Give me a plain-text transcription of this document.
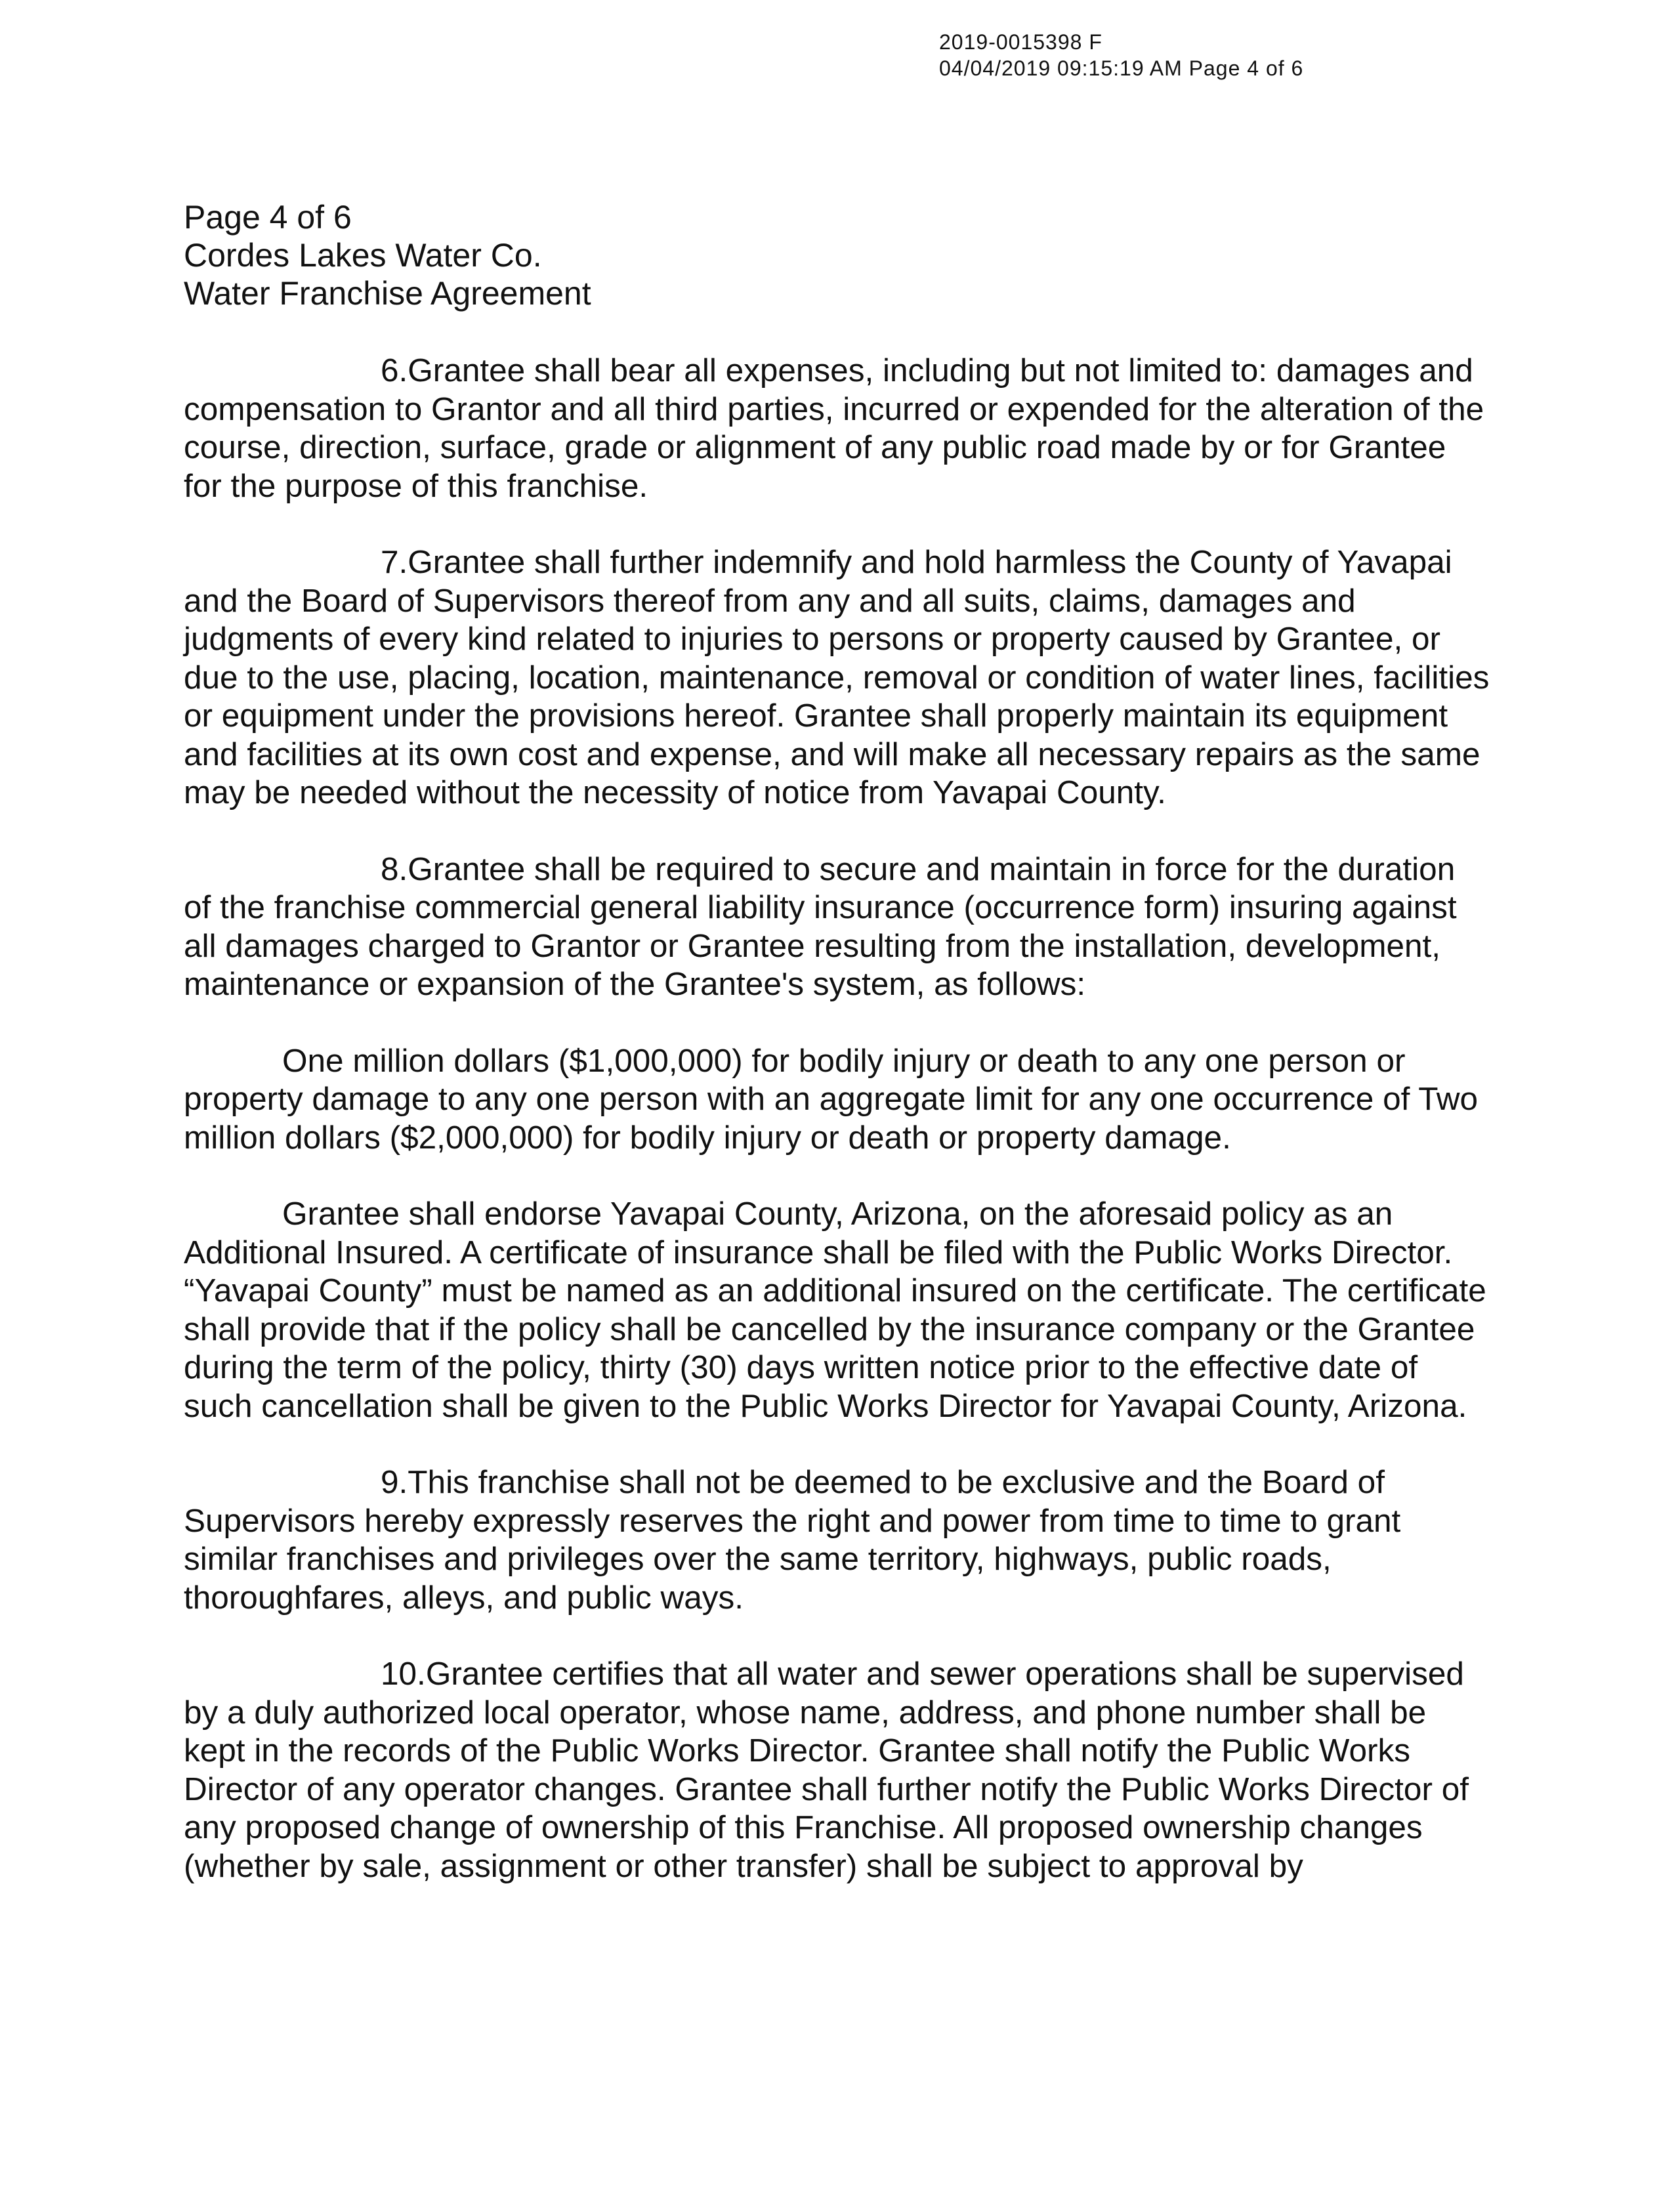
2019-0015398 F
04/04/2019 09:15:19 AM Page 4 of 6
Page 4 of 6
Cordes Lakes Water Co.
Water Franchise Agreement

6.Grantee shall bear all expenses, including but not limited to: damages and compensation to Grantor and all third parties, incurred or expended for the alteration of the course, direction, surface, grade or alignment of any public road made by or for Grantee for the purpose of this franchise.

7.Grantee shall further indemnify and hold harmless the County of Yavapai and the Board of Supervisors thereof from any and all suits, claims, damages and judgments of every kind related to injuries to persons or property caused by Grantee, or due to the use, placing, location, maintenance, removal or condition of water lines, facilities or equipment under the provisions hereof. Grantee shall properly maintain its equipment and facilities at its own cost and expense, and will make all necessary repairs as the same may be needed without the necessity of notice from Yavapai County.

8.Grantee shall be required to secure and maintain in force for the duration of the franchise commercial general liability insurance (occurrence form) insuring against all damages charged to Grantor or Grantee resulting from the installation, development, maintenance or expansion of the Grantee's system, as follows:

One million dollars ($1,000,000) for bodily injury or death to any one person or property damage to any one person with an aggregate limit for any one occurrence of Two million dollars ($2,000,000) for bodily injury or death or property damage.

Grantee shall endorse Yavapai County, Arizona, on the aforesaid policy as an Additional Insured. A certificate of insurance shall be filed with the Public Works Director. “Yavapai County” must be named as an additional insured on the certificate. The certificate shall provide that if the policy shall be cancelled by the insurance company or the Grantee during the term of the policy, thirty (30) days written notice prior to the effective date of such cancellation shall be given to the Public Works Director for Yavapai County, Arizona.

9.This franchise shall not be deemed to be exclusive and the Board of Supervisors hereby expressly reserves the right and power from time to time to grant similar franchises and privileges over the same territory, highways, public roads, thoroughfares, alleys, and public ways.

10.Grantee certifies that all water and sewer operations shall be supervised by a duly authorized local operator, whose name, address, and phone number shall be kept in the records of the Public Works Director. Grantee shall notify the Public Works Director of any operator changes. Grantee shall further notify the Public Works Director of any proposed change of ownership of this Franchise. All proposed ownership changes (whether by sale, assignment or other transfer) shall be subject to approval by
